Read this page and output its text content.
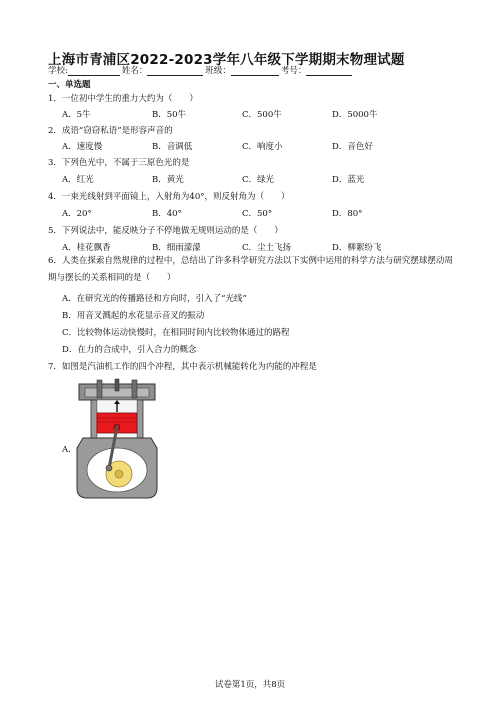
上海市青浦区2022-2023学年八年级下学期期末物理试题
学校:	姓名：	班级：	考号：
一、单选题
1．一位初中学生的重力大约为（　　）
A．5牛	B．50牛	C．500牛	D．5000牛
2．成语“窃窃私语”是形容声音的
A．速度慢	B．音调低	C．响度小	D．音色好
3．下列色光中，不属于三原色光的是
A．红光	B．黄光	C．绿光	D．蓝光
4．一束光线射到平面镜上，入射角为40°，则反射角为（　　）
A．20°	B．40°	C．50°	D．80°
5．下列说法中，能反映分子不停地做无规则运动的是（　　）
A．桂花飘香	B．细雨濛濛	C．尘土飞扬	D．柳絮纷飞
6．人类在探索自然规律的过程中，总结出了许多科学研究方法以下实例中运用的科学方法与研究摆球摆动周期与摆长的关系相同的是（　　）
A．在研究光的传播路径和方向时，引入了“光线”
B．用音叉溅起的水花显示音叉的振动
C．比较物体运动快慢时，在相同时间内比较物体通过的路程
D．在力的合成中，引入合力的概念
7．如图是汽油机工作的四个冲程，其中表示机械能转化为内能的冲程是
A．
试卷第1页，共8页
